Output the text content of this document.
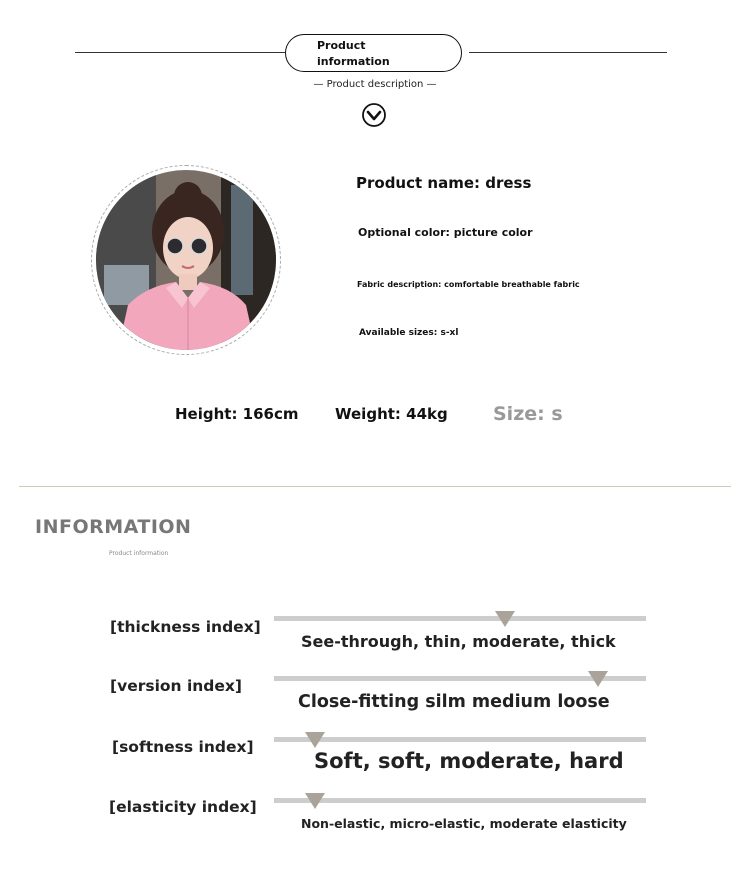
Product information
— Product description —
Product name: dress
Optional color: picture color
Fabric description: comfortable breathable fabric
Available sizes: s-xl
Height: 166cm Weight: 44kg Size: s
INFORMATION
Product information
[thickness index]
See-through, thin, moderate, thick
[version index]
Close-fitting silm medium loose
[softness index]
Soft, soft, moderate, hard
[elasticity index]
Non-elastic, micro-elastic, moderate elasticity
